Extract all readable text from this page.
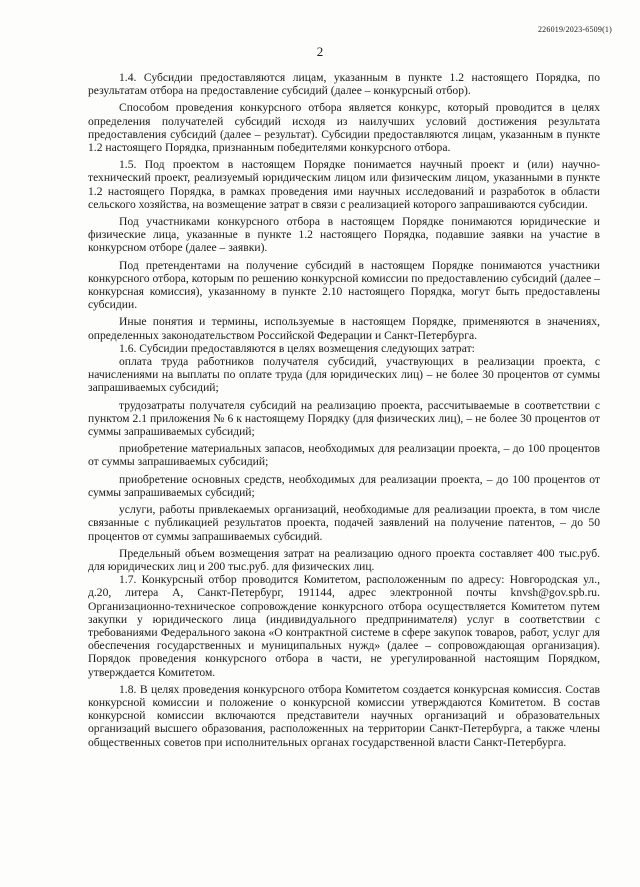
226019/2023-6509(1)
2

1.4. Субсидии предоставляются лицам, указанным в пункте 1.2 настоящего Порядка, по результатам отбора на предоставление субсидий (далее – конкурсный отбор).

Способом проведения конкурсного отбора является конкурс, который проводится в целях определения получателей субсидий исходя из наилучших условий достижения результата предоставления субсидий (далее – результат). Субсидии предоставляются лицам, указанным в пункте 1.2 настоящего Порядка, признанным победителями конкурсного отбора.

1.5. Под проектом в настоящем Порядке понимается научный проект и (или) научно-технический проект, реализуемый юридическим лицом или физическим лицом, указанными в пункте 1.2 настоящего Порядка, в рамках проведения ими научных исследований и разработок в области сельского хозяйства, на возмещение затрат в связи с реализацией которого запрашиваются субсидии.

Под участниками конкурсного отбора в настоящем Порядке понимаются юридические и физические лица, указанные в пункте 1.2 настоящего Порядка, подавшие заявки на участие в конкурсном отборе (далее – заявки).

Под претендентами на получение субсидий в настоящем Порядке понимаются участники конкурсного отбора, которым по решению конкурсной комиссии по предоставлению субсидий (далее – конкурсная комиссия), указанному в пункте 2.10 настоящего Порядка, могут быть предоставлены субсидии.

Иные понятия и термины, используемые в настоящем Порядке, применяются в значениях, определенных законодательством Российской Федерации и Санкт-Петербурга.

1.6. Субсидии предоставляются в целях возмещения следующих затрат:

оплата труда работников получателя субсидий, участвующих в реализации проекта, с начислениями на выплаты по оплате труда (для юридических лиц) – не более 30 процентов от суммы запрашиваемых субсидий;

трудозатраты получателя субсидий на реализацию проекта, рассчитываемые в соответствии с пунктом 2.1 приложения № 6 к настоящему Порядку (для физических лиц), – не более 30 процентов от суммы запрашиваемых субсидий;

приобретение материальных запасов, необходимых для реализации проекта, – до 100 процентов от суммы запрашиваемых субсидий;

приобретение основных средств, необходимых для реализации проекта, – до 100 процентов от суммы запрашиваемых субсидий;

услуги, работы привлекаемых организаций, необходимые для реализации проекта, в том числе связанные с публикацией результатов проекта, подачей заявлений на получение патентов, – до 50 процентов от суммы запрашиваемых субсидий.

Предельный объем возмещения затрат на реализацию одного проекта составляет 400 тыс.руб. для юридических лиц и 200 тыс.руб. для физических лиц.

1.7. Конкурсный отбор проводится Комитетом, расположенным по адресу: Новгородская ул., д.20, литера А, Санкт-Петербург, 191144, адрес электронной почты knvsh@gov.spb.ru. Организационно-техническое сопровождение конкурсного отбора осуществляется Комитетом путем закупки у юридического лица (индивидуального предпринимателя) услуг в соответствии с требованиями Федерального закона «О контрактной системе в сфере закупок товаров, работ, услуг для обеспечения государственных и муниципальных нужд» (далее – сопровождающая организация). Порядок проведения конкурсного отбора в части, не урегулированной настоящим Порядком, утверждается Комитетом.

1.8. В целях проведения конкурсного отбора Комитетом создается конкурсная комиссия. Состав конкурсной комиссии и положение о конкурсной комиссии утверждаются Комитетом. В состав конкурсной комиссии включаются представители научных организаций и образовательных организаций высшего образования, расположенных на территории Санкт-Петербурга, а также члены общественных советов при исполнительных органах государственной власти Санкт-Петербурга.
